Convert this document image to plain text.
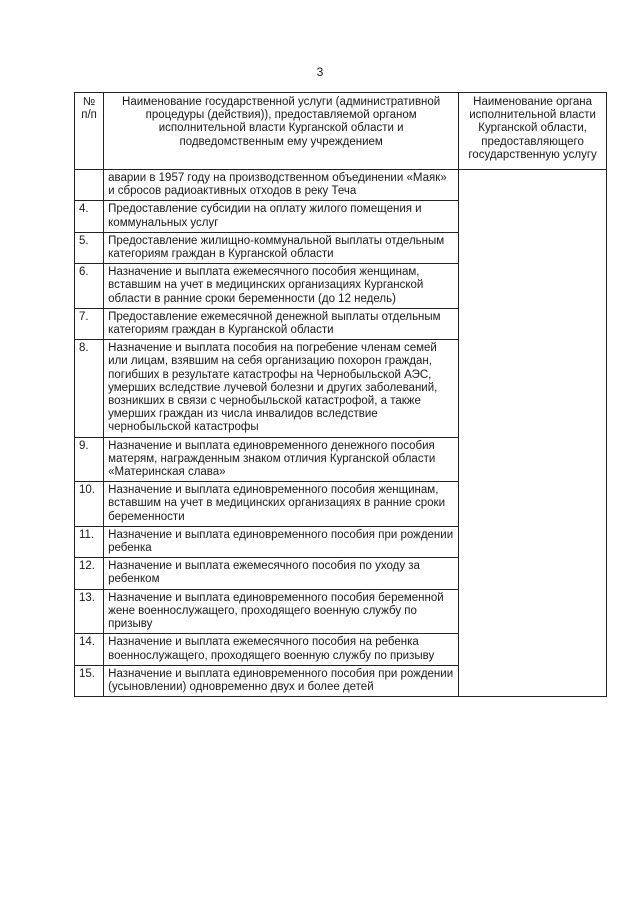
3
№ п/п	Наименование государственной услуги (административной процедуры (действия)), предоставляемой органом исполнительной власти Курганской области и подведомственным ему учреждением	Наименование органа исполнительной власти Курганской области, предоставляющего государственную услугу
	аварии в 1957 году на производственном объединении «Маяк» и сбросов радиоактивных отходов в реку Теча	
4.	Предоставление субсидии на оплату жилого помещения и коммунальных услуг	
5.	Предоставление жилищно-коммунальной выплаты отдельным категориям граждан в Курганской области	
6.	Назначение и выплата ежемесячного пособия женщинам, вставшим на учет в медицинских организациях Курганской области в ранние сроки беременности (до 12 недель)	
7.	Предоставление ежемесячной денежной выплаты отдельным категориям граждан в Курганской области	
8.	Назначение и выплата пособия на погребение членам семей или лицам, взявшим на себя организацию похорон граждан, погибших в результате катастрофы на Чернобыльской АЭС, умерших вследствие лучевой болезни и других заболеваний, возникших в связи с чернобыльской катастрофой, а также умерших граждан из числа инвалидов вследствие чернобыльской катастрофы	
9.	Назначение и выплата единовременного денежного пособия матерям, награжденным знаком отличия Курганской области «Материнская слава»	
10.	Назначение и выплата единовременного пособия женщинам, вставшим на учет в медицинских организациях в ранние сроки беременности	
11.	Назначение и выплата единовременного пособия при рождении ребенка	
12.	Назначение и выплата ежемесячного пособия по уходу за ребенком	
13.	Назначение и выплата единовременного пособия беременной жене военнослужащего, проходящего военную службу по призыву	
14.	Назначение и выплата ежемесячного пособия на ребенка военнослужащего, проходящего военную службу по призыву	
15.	Назначение и выплата единовременного пособия при рождении (усыновлении) одновременно двух и более детей	
